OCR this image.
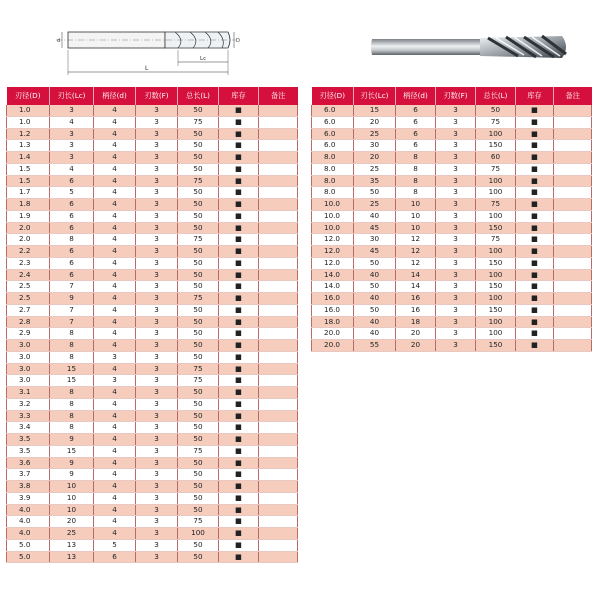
d	D
L
Lc
刃径(D)	刃长(Lc)	柄径(d)	刃数(F)	总长(L)	库存	备注
1.0	3	4	3	50	■	
1.0	4	4	3	75	■	
1.2	3	4	3	50	■	
1.3	3	4	3	50	■	
1.4	3	4	3	50	■	
1.5	4	4	3	50	■	
1.5	6	4	3	75	■	
1.7	5	4	3	50	■	
1.8	6	4	3	50	■	
1.9	6	4	3	50	■	
2.0	6	4	3	50	■	
2.0	8	4	3	75	■	
2.2	6	4	3	50	■	
2.3	6	4	3	50	■	
2.4	6	4	3	50	■	
2.5	7	4	3	50	■	
2.5	9	4	3	75	■	
2.7	7	4	3	50	■	
2.8	7	4	3	50	■	
2.9	8	4	3	50	■	
3.0	8	4	3	50	■	
3.0	8	3	3	50	■	
3.0	15	4	3	75	■	
3.0	15	3	3	75	■	
3.1	8	4	3	50	■	
3.2	8	4	3	50	■	
3.3	8	4	3	50	■	
3.4	8	4	3	50	■	
3.5	9	4	3	50	■	
3.5	15	4	3	75	■	
3.6	9	4	3	50	■	
3.7	9	4	3	50	■	
3.8	10	4	3	50	■	
3.9	10	4	3	50	■	
4.0	10	4	3	50	■	
4.0	20	4	3	75	■	
4.0	25	4	3	100	■	
5.0	13	5	3	50	■	
5.0	13	6	3	50	■	
刃径(D)	刃长(Lc)	柄径(d)	刃数(F)	总长(L)	库存	备注
6.0	15	6	3	50	■	
6.0	20	6	3	75	■	
6.0	25	6	3	100	■	
6.0	30	6	3	150	■	
8.0	20	8	3	60	■	
8.0	25	8	3	75	■	
8.0	35	8	3	100	■	
8.0	50	8	3	100	■	
10.0	25	10	3	75	■	
10.0	40	10	3	100	■	
10.0	45	10	3	150	■	
12.0	30	12	3	75	■	
12.0	45	12	3	100	■	
12.0	50	12	3	150	■	
14.0	40	14	3	100	■	
14.0	50	14	3	150	■	
16.0	40	16	3	100	■	
16.0	50	16	3	150	■	
18.0	40	18	3	100	■	
20.0	40	20	3	100	■	
20.0	55	20	3	150	■	
